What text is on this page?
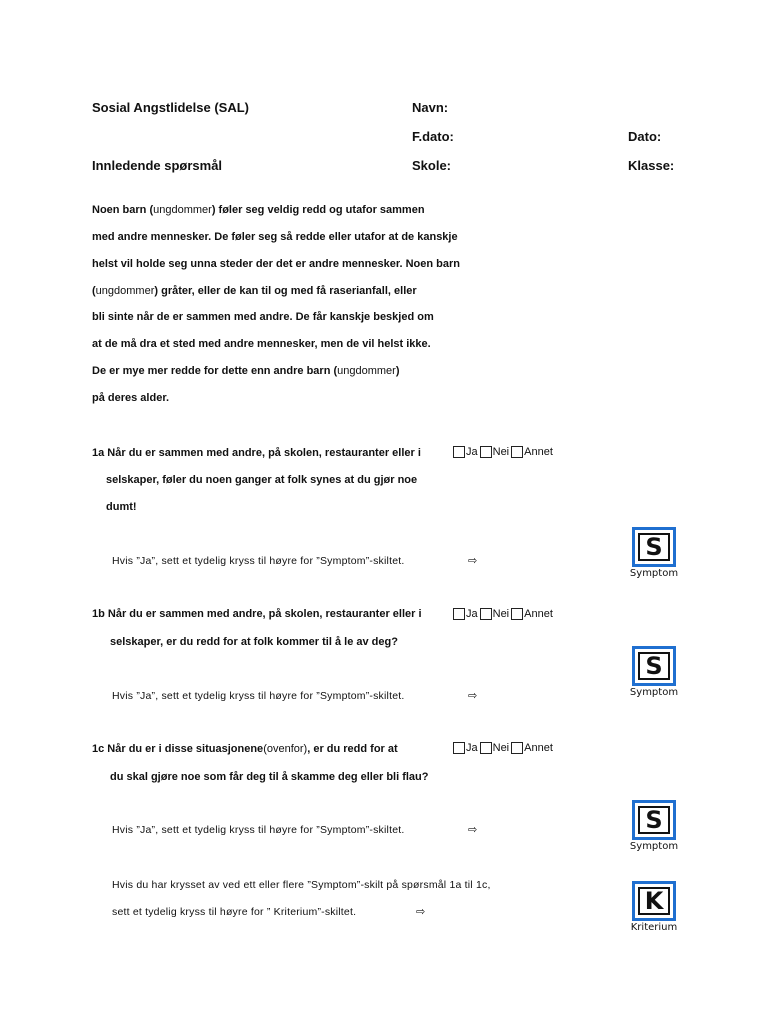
Sosial Angstlidelse (SAL)	Navn:
F.dato:	Dato:
Innledende spørsmål	Skole:	Klasse:
Noen barn (ungdommer) føler seg veldig redd og utafor sammen
med andre mennesker. De føler seg så redde eller utafor at de kanskje
helst vil holde seg unna steder der det er andre mennesker. Noen barn
(ungdommer) gråter, eller de kan til og med få raserianfall, eller
bli sinte når de er sammen med andre. De får kanskje beskjed om
at de må dra et sted med andre mennesker, men de vil helst ikke.
De er mye mer redde for dette enn andre barn (ungdommer)
på deres alder.
1a Når du er sammen med andre, på skolen, restauranter eller i
selskaper, føler du noen ganger at folk synes at du gjør noe
dumt!
Ja Nei Annet
Hvis ”Ja”, sett et tydelig kryss til høyre for ”Symptom”-skiltet.	⇨	S
Symptom
1b Når du er sammen med andre, på skolen, restauranter eller i
selskaper, er du redd for at folk kommer til å le av deg?
Ja Nei Annet
Hvis ”Ja”, sett et tydelig kryss til høyre for ”Symptom”-skiltet.	⇨
S
Symptom
1c Når du er i disse situasjonene(ovenfor), er du redd for at
du skal gjøre noe som får deg til å skamme deg eller bli flau?
Ja Nei Annet
Hvis ”Ja”, sett et tydelig kryss til høyre for ”Symptom”-skiltet.	⇨	S
Symptom
Hvis du har krysset av ved ett eller flere ”Symptom”-skilt på spørsmål 1a til 1c,
sett et tydelig kryss til høyre for ” Kriterium”-skiltet.	⇨	K
Kriterium
